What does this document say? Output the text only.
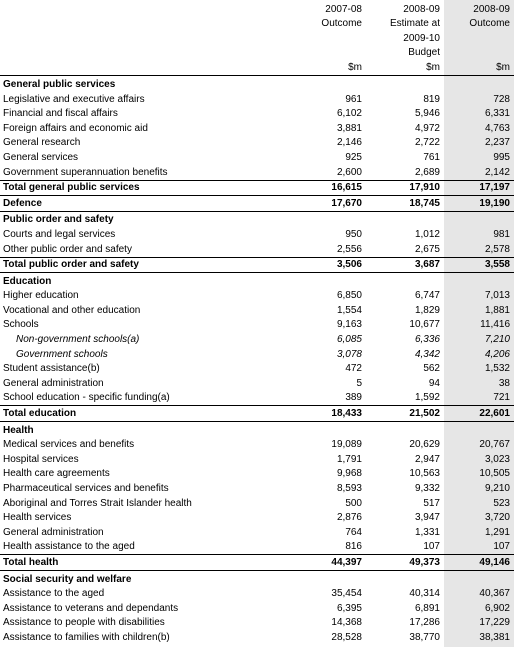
	2007-08	2008-09	2008-09
	Outcome	Estimate at	Outcome
		2009-10	
		Budget	
	$m	$m	$m
General public services			
Legislative and executive affairs	961	819	728
Financial and fiscal affairs	6,102	5,946	6,331
Foreign affairs and economic aid	3,881	4,972	4,763
General research	2,146	2,722	2,237
General services	925	761	995
Government superannuation benefits	2,600	2,689	2,142
Total general public services	16,615	17,910	17,197
Defence	17,670	18,745	19,190
Public order and safety			
Courts and legal services	950	1,012	981
Other public order and safety	2,556	2,675	2,578
Total public order and safety	3,506	3,687	3,558
Education			
Higher education	6,850	6,747	7,013
Vocational and other education	1,554	1,829	1,881
Schools	9,163	10,677	11,416
Non-government schools(a)	6,085	6,336	7,210
Government schools	3,078	4,342	4,206
Student assistance(b)	472	562	1,532
General administration	5	94	38
School education - specific funding(a)	389	1,592	721
Total education	18,433	21,502	22,601
Health			
Medical services and benefits	19,089	20,629	20,767
Hospital services	1,791	2,947	3,023
Health care agreements	9,968	10,563	10,505
Pharmaceutical services and benefits	8,593	9,332	9,210
Aboriginal and Torres Strait Islander health	500	517	523
Health services	2,876	3,947	3,720
General administration	764	1,331	1,291
Health assistance to the aged	816	107	107
Total health	44,397	49,373	49,146
Social security and welfare			
Assistance to the aged	35,454	40,314	40,367
Assistance to veterans and dependants	6,395	6,891	6,902
Assistance to people with disabilities	14,368	17,286	17,229
Assistance to families with children(b)	28,528	38,770	38,381
